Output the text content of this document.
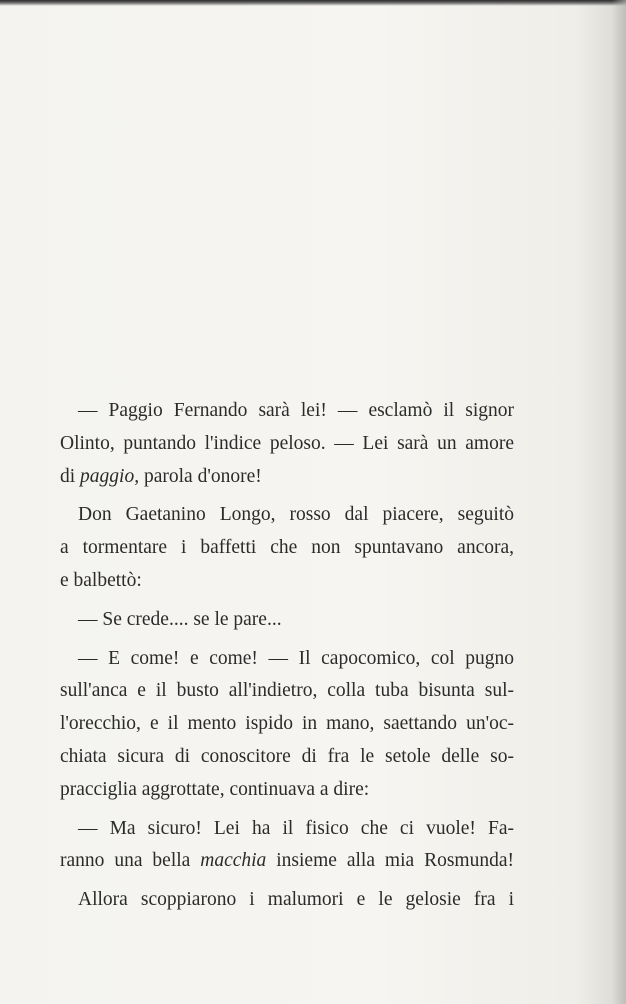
— Paggio Fernando sarà lei! — esclamò il signor
Olinto, puntando l'indice peloso. — Lei sarà un amore
di paggio, parola d'onore!
Don Gaetanino Longo, rosso dal piacere, seguitò
a tormentare i baffetti che non spuntavano ancora,
e balbettò:
— Se crede.... se le pare...
— E come! e come! — Il capocomico, col pugno
sull'anca e il busto all'indietro, colla tuba bisunta sul-
l'orecchio, e il mento ispido in mano, saettando un'oc-
chiata sicura di conoscitore di fra le setole delle so-
pracciglia aggrottate, continuava a dire:
— Ma sicuro! Lei ha il fisico che ci vuole! Fa-
ranno una bella macchia insieme alla mia Rosmunda!
Allora scoppiarono i malumori e le gelosie fra i
